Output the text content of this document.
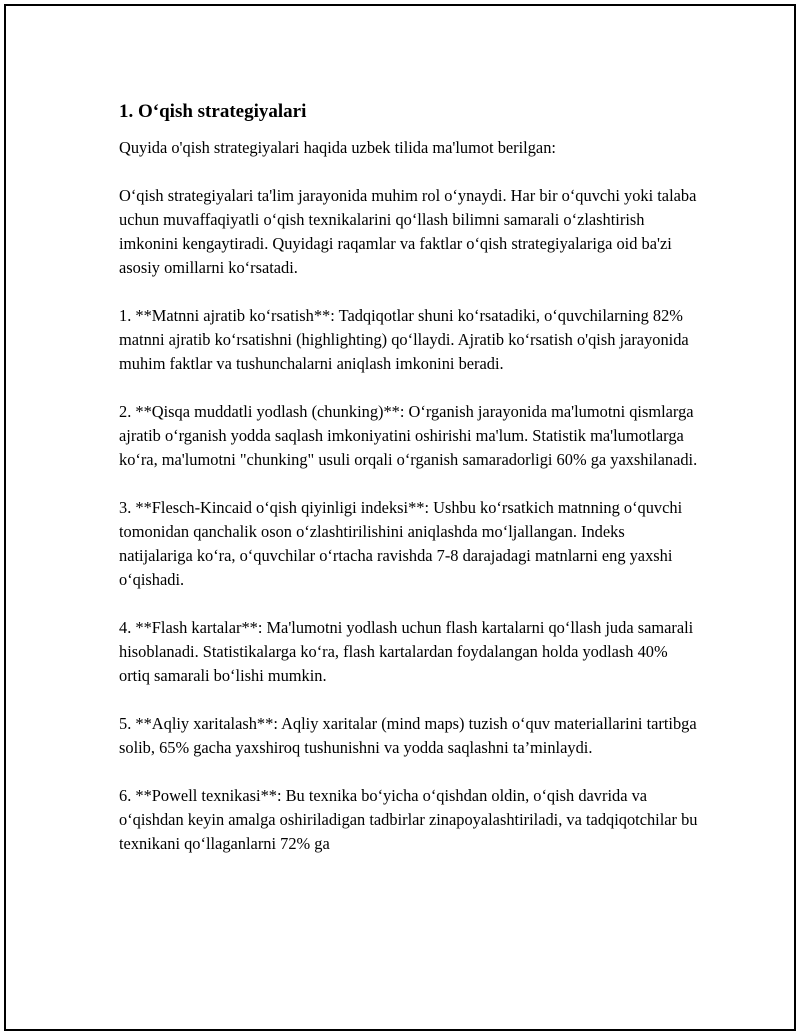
1. O‘qish strategiyalari

Quyida o'qish strategiyalari haqida uzbek tilida ma'lumot berilgan:

O‘qish strategiyalari ta'lim jarayonida muhim rol o‘ynaydi. Har bir o‘quvchi yoki talaba uchun muvaffaqiyatli o‘qish texnikalarini qo‘llash bilimni samarali o‘zlashtirish imkonini kengaytiradi. Quyidagi raqamlar va faktlar o‘qish strategiyalariga oid ba'zi asosiy omillarni ko‘rsatadi.

1. **Matnni ajratib ko‘rsatish**: Tadqiqotlar shuni ko‘rsatadiki, o‘quvchilarning 82% matnni ajratib ko‘rsatishni (highlighting) qo‘llaydi. Ajratib ko‘rsatish o'qish jarayonida muhim faktlar va tushunchalarni aniqlash imkonini beradi.

2. **Qisqa muddatli yodlash (chunking)**: O‘rganish jarayonida ma'lumotni qismlarga ajratib o‘rganish yodda saqlash imkoniyatini oshirishi ma'lum. Statistik ma'lumotlarga ko‘ra, ma'lumotni "chunking" usuli orqali o‘rganish samaradorligi 60% ga yaxshilanadi.

3. **Flesch-Kincaid o‘qish qiyinligi indeksi**: Ushbu ko‘rsatkich matnning o‘quvchi tomonidan qanchalik oson o‘zlashtirilishini aniqlashda mo‘ljallangan. Indeks natijalariga ko‘ra, o‘quvchilar o‘rtacha ravishda 7-8 darajadagi matnlarni eng yaxshi o‘qishadi.

4. **Flash kartalar**: Ma'lumotni yodlash uchun flash kartalarni qo‘llash juda samarali hisoblanadi. Statistikalarga ko‘ra, flash kartalardan foydalangan holda yodlash 40% ortiq samarali bo‘lishi mumkin.

5. **Aqliy xaritalash**: Aqliy xaritalar (mind maps) tuzish o‘quv materiallarini tartibga solib, 65% gacha yaxshiroq tushunishni va yodda saqlashni ta’minlaydi.

6. **Powell texnikasi**: Bu texnika bo‘yicha o‘qishdan oldin, o‘qish davrida va o‘qishdan keyin amalga oshiriladigan tadbirlar zinapoyalashtiriladi, va tadqiqotchilar bu texnikani qo‘llaganlarni 72% ga
